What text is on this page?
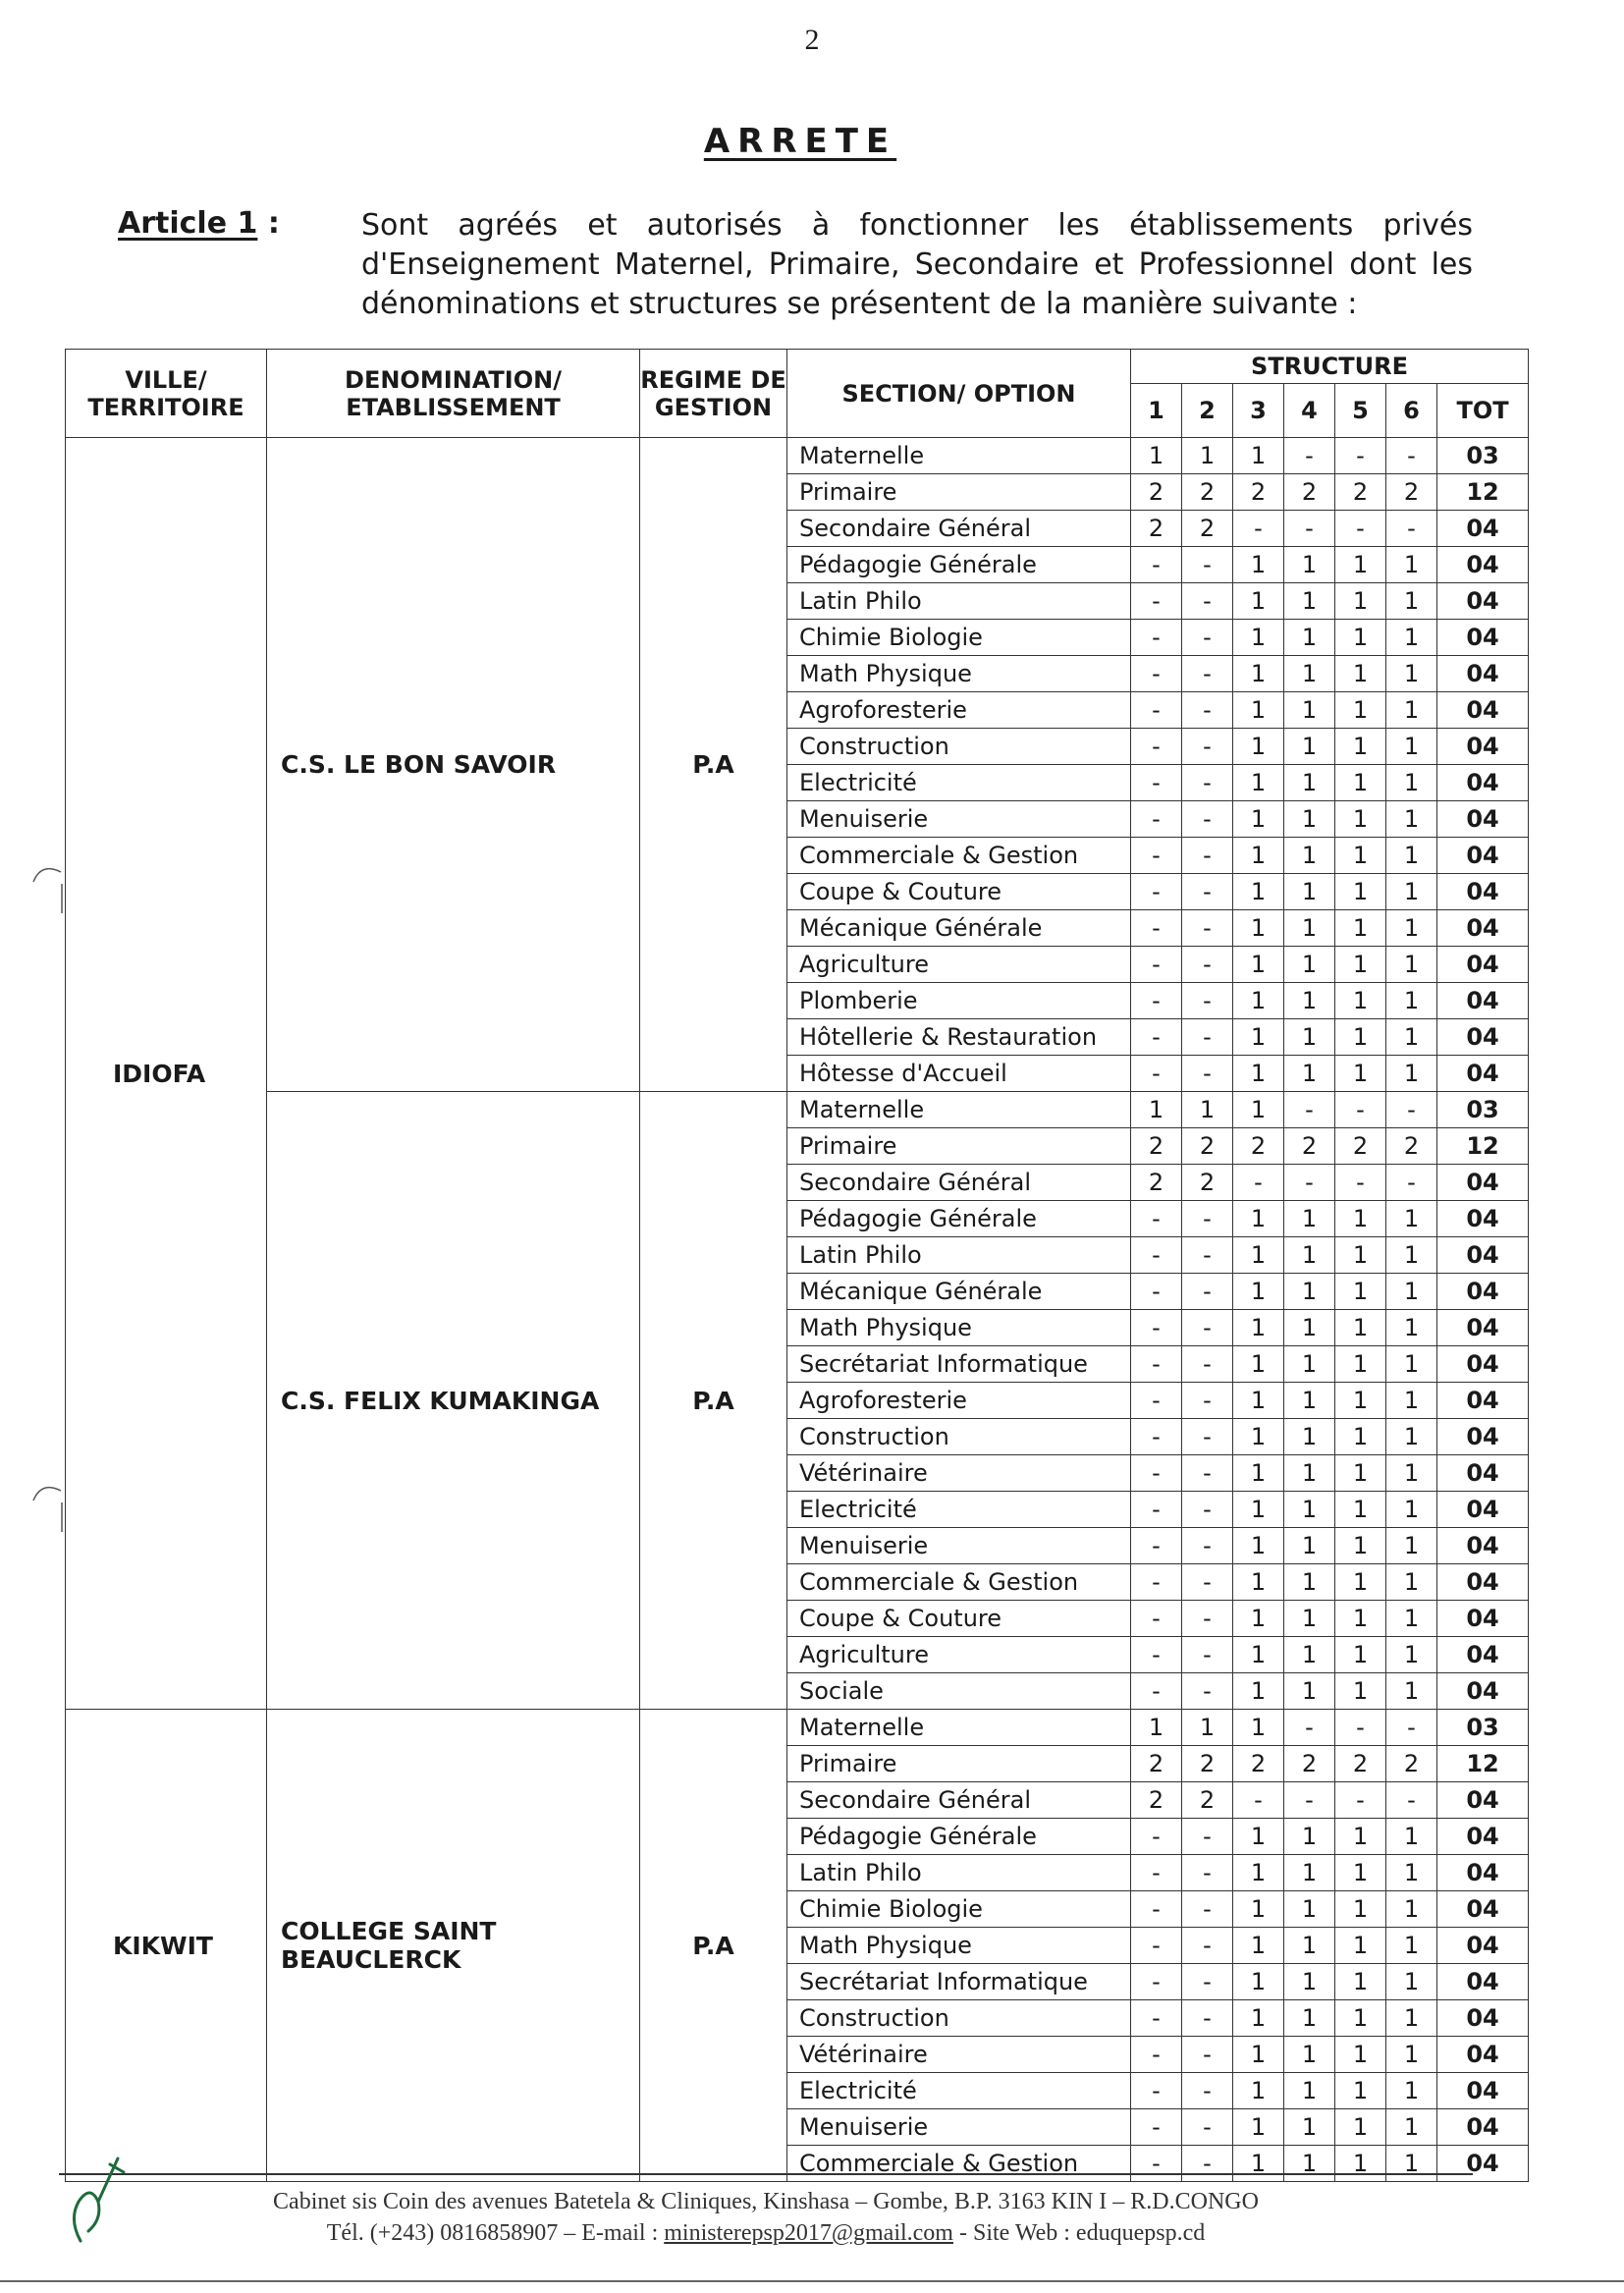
2
ARRETE
Article 1 :	Sont agréés et autorisés à fonctionner les établissements privés d'Enseignement Maternel, Primaire, Secondaire et Professionnel dont les dénominations et structures se présentent de la manière suivante :
VILLE/ TERRITOIRE	DENOMINATION/ ETABLISSEMENT	REGIME DE GESTION	SECTION/ OPTION	STRUCTURE						
				1	2	3	4	5	6	TOT
IDIOFA	C.S. LE BON SAVOIR	P.A	Maternelle	1	1	1	-	-	-	03
			Primaire	2	2	2	2	2	2	12
			Secondaire Général	2	2	-	-	-	-	04
			Pédagogie Générale	-	-	1	1	1	1	04
			Latin Philo	-	-	1	1	1	1	04
			Chimie Biologie	-	-	1	1	1	1	04
			Math Physique	-	-	1	1	1	1	04
			Agroforesterie	-	-	1	1	1	1	04
			Construction	-	-	1	1	1	1	04
			Electricité	-	-	1	1	1	1	04
			Menuiserie	-	-	1	1	1	1	04
			Commerciale & Gestion	-	-	1	1	1	1	04
			Coupe & Couture	-	-	1	1	1	1	04
			Mécanique Générale	-	-	1	1	1	1	04
			Agriculture	-	-	1	1	1	1	04
			Plomberie	-	-	1	1	1	1	04
			Hôtellerie & Restauration	-	-	1	1	1	1	04
			Hôtesse d'Accueil	-	-	1	1	1	1	04
	C.S. FELIX KUMAKINGA	P.A	Maternelle	1	1	1	-	-	-	03
			Primaire	2	2	2	2	2	2	12
			Secondaire Général	2	2	-	-	-	-	04
			Pédagogie Générale	-	-	1	1	1	1	04
			Latin Philo	-	-	1	1	1	1	04
			Mécanique Générale	-	-	1	1	1	1	04
			Math Physique	-	-	1	1	1	1	04
			Secrétariat Informatique	-	-	1	1	1	1	04
			Agroforesterie	-	-	1	1	1	1	04
			Construction	-	-	1	1	1	1	04
			Vétérinaire	-	-	1	1	1	1	04
			Electricité	-	-	1	1	1	1	04
			Menuiserie	-	-	1	1	1	1	04
			Commerciale & Gestion	-	-	1	1	1	1	04
			Coupe & Couture	-	-	1	1	1	1	04
			Agriculture	-	-	1	1	1	1	04
			Sociale	-	-	1	1	1	1	04
KIKWIT	COLLEGE SAINT BEAUCLERCK	P.A	Maternelle	1	1	1	-	-	-	03
			Primaire	2	2	2	2	2	2	12
			Secondaire Général	2	2	-	-	-	-	04
			Pédagogie Générale	-	-	1	1	1	1	04
			Latin Philo	-	-	1	1	1	1	04
			Chimie Biologie	-	-	1	1	1	1	04
			Math Physique	-	-	1	1	1	1	04
			Secrétariat Informatique	-	-	1	1	1	1	04
			Construction	-	-	1	1	1	1	04
			Vétérinaire	-	-	1	1	1	1	04
			Electricité	-	-	1	1	1	1	04
			Menuiserie	-	-	1	1	1	1	04
			Commerciale & Gestion	-	-	1	1	1	1	04
Cabinet sis Coin des avenues Batetela & Cliniques, Kinshasa – Gombe, B.P. 3163 KIN I – R.D.CONGO
Tél. (+243) 0816858907 – E-mail : ministerepsp2017@gmail.com - Site Web : eduquepsp.cd
